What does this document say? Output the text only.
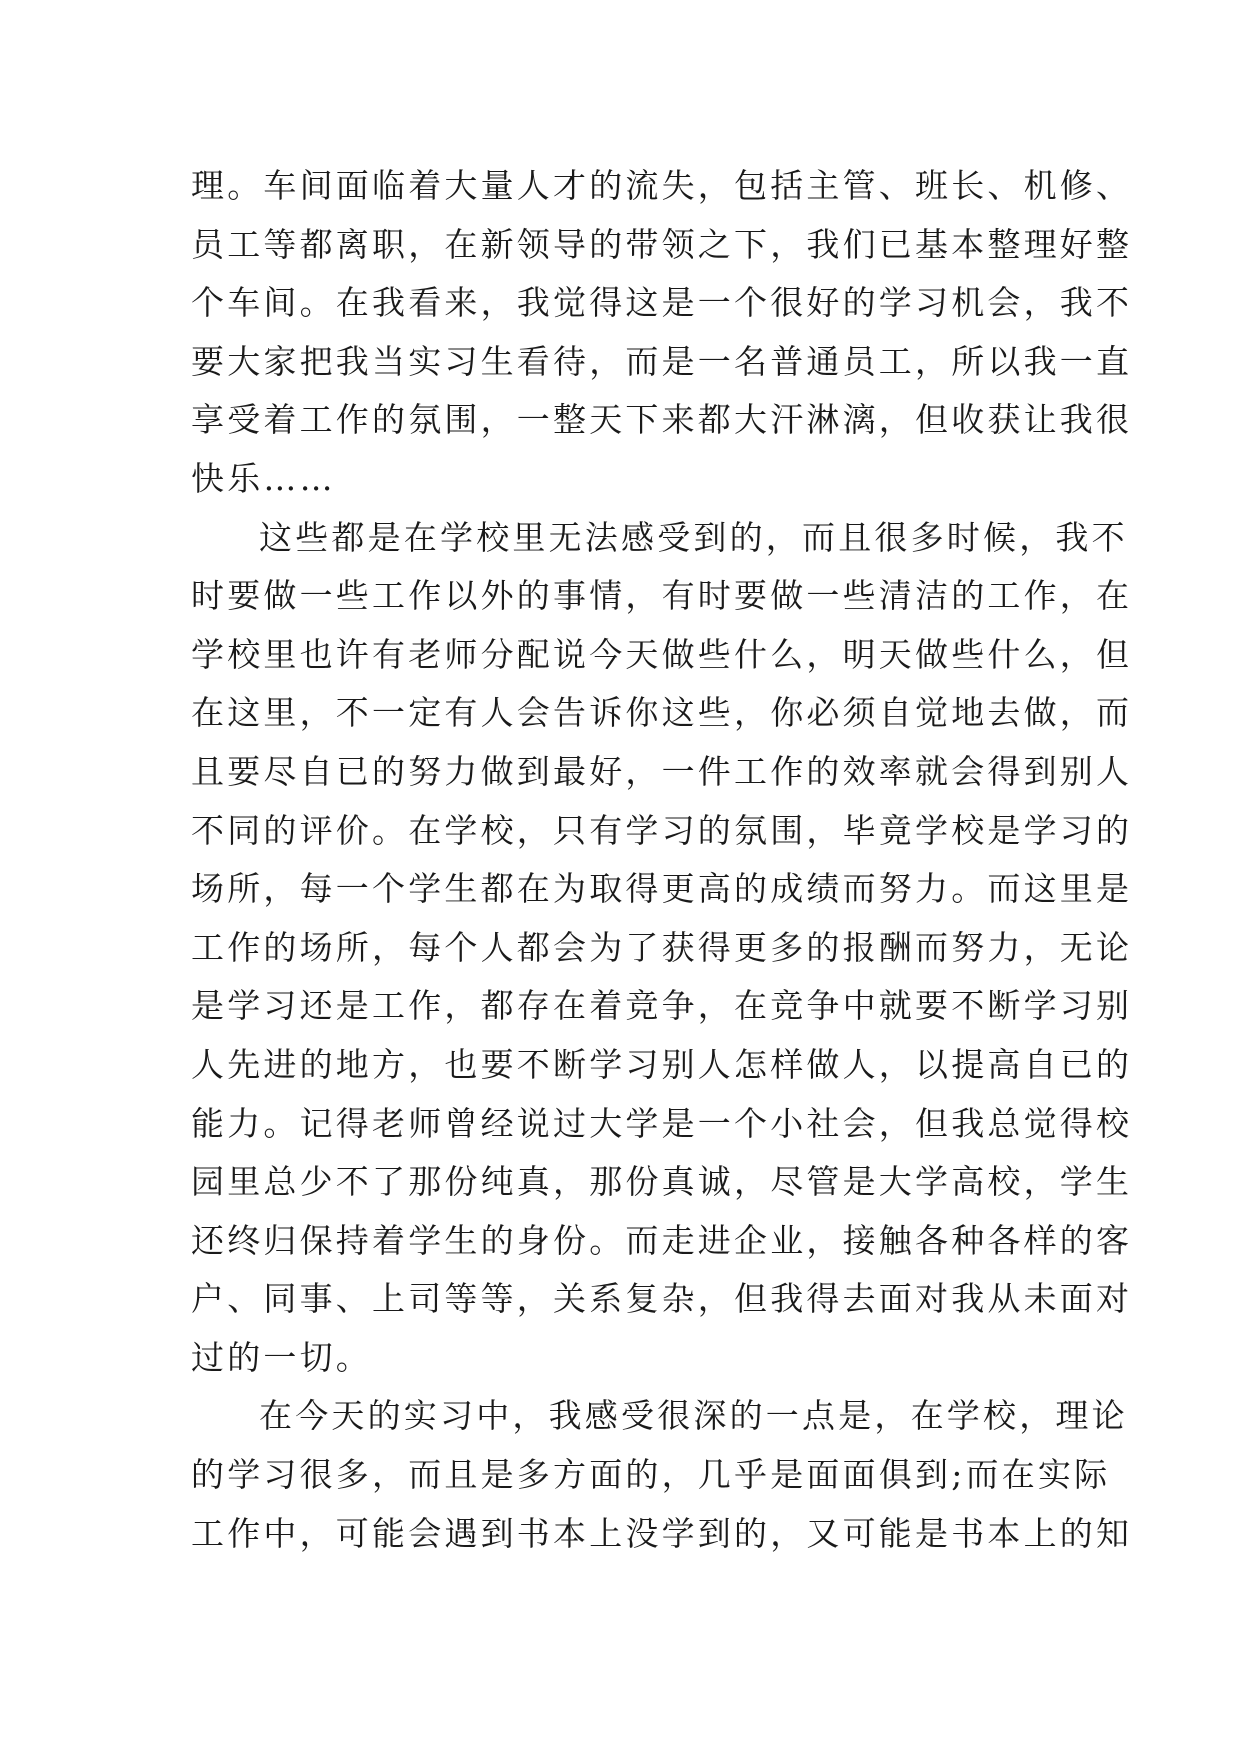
理。车间面临着大量人才的流失，包括主管、班长、机修、
员工等都离职，在新领导的带领之下，我们已基本整理好整
个车间。在我看来，我觉得这是一个很好的学习机会，我不
要大家把我当实习生看待，而是一名普通员工，所以我一直
享受着工作的氛围，一整天下来都大汗淋漓，但收获让我很
快乐……
这些都是在学校里无法感受到的，而且很多时候，我不
时要做一些工作以外的事情，有时要做一些清洁的工作，在
学校里也许有老师分配说今天做些什么，明天做些什么，但
在这里，不一定有人会告诉你这些，你必须自觉地去做，而
且要尽自已的努力做到最好，一件工作的效率就会得到别人
不同的评价。在学校，只有学习的氛围，毕竟学校是学习的
场所，每一个学生都在为取得更高的成绩而努力。而这里是
工作的场所，每个人都会为了获得更多的报酬而努力，无论
是学习还是工作，都存在着竞争，在竞争中就要不断学习别
人先进的地方，也要不断学习别人怎样做人，以提高自已的
能力。记得老师曾经说过大学是一个小社会，但我总觉得校
园里总少不了那份纯真，那份真诚，尽管是大学高校，学生
还终归保持着学生的身份。而走进企业，接触各种各样的客
户、同事、上司等等，关系复杂，但我得去面对我从未面对
过的一切。
在今天的实习中，我感受很深的一点是，在学校，理论
的学习很多，而且是多方面的，几乎是面面俱到;而在实际
工作中，可能会遇到书本上没学到的，又可能是书本上的知
